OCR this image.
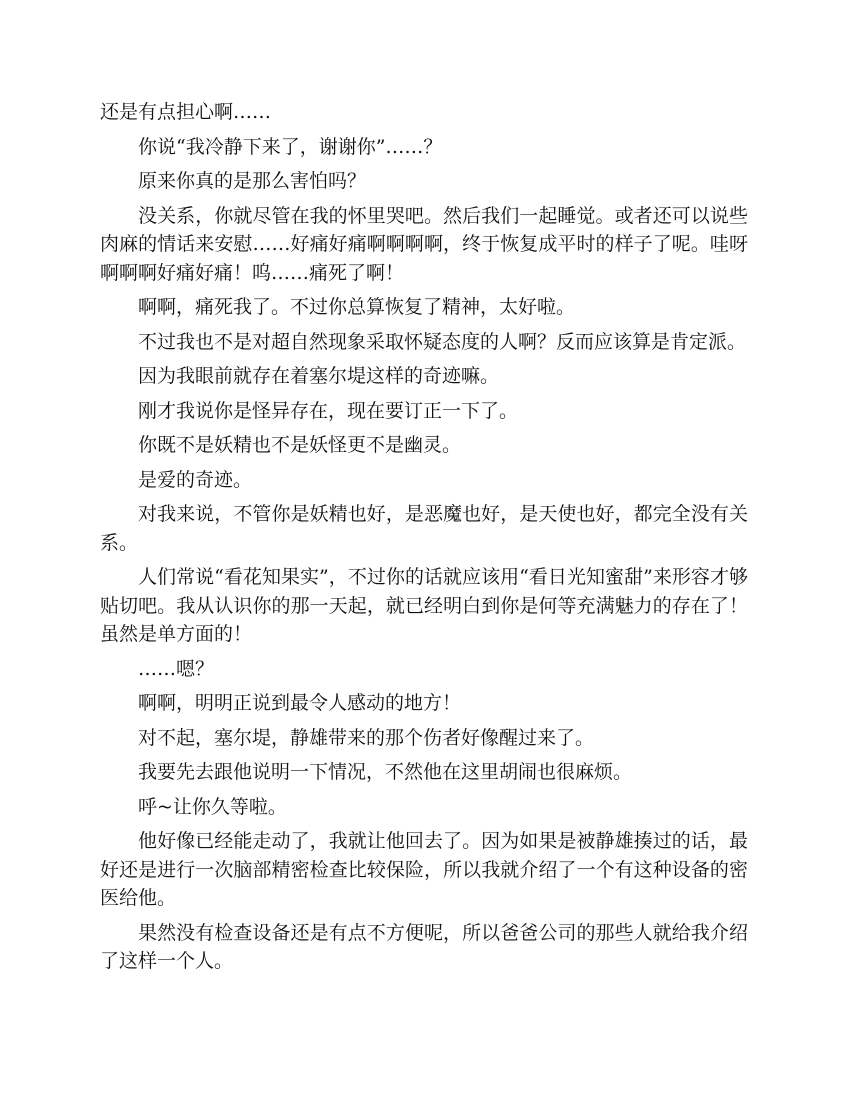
还是有点担心啊……

你说“我冷静下来了，谢谢你”……？

原来你真的是那么害怕吗？

没关系，你就尽管在我的怀里哭吧。然后我们一起睡觉。或者还可以说些肉麻的情话来安慰……好痛好痛啊啊啊啊，终于恢复成平时的样子了呢。哇呀啊啊啊好痛好痛！呜……痛死了啊！

啊啊，痛死我了。不过你总算恢复了精神，太好啦。

不过我也不是对超自然现象采取怀疑态度的人啊？反而应该算是肯定派。

因为我眼前就存在着塞尔堤这样的奇迹嘛。

刚才我说你是怪异存在，现在要订正一下了。

你既不是妖精也不是妖怪更不是幽灵。

是爱的奇迹。

对我来说，不管你是妖精也好，是恶魔也好，是天使也好，都完全没有关系。

人们常说“看花知果实”，不过你的话就应该用“看日光知蜜甜”来形容才够贴切吧。我从认识你的那一天起，就已经明白到你是何等充满魅力的存在了！虽然是单方面的！

……嗯？

啊啊，明明正说到最令人感动的地方！

对不起，塞尔堤，静雄带来的那个伤者好像醒过来了。

我要先去跟他说明一下情况，不然他在这里胡闹也很麻烦。

呼~让你久等啦。

他好像已经能走动了，我就让他回去了。因为如果是被静雄揍过的话，最好还是进行一次脑部精密检查比较保险，所以我就介绍了一个有这种设备的密医给他。

果然没有检查设备还是有点不方便呢，所以爸爸公司的那些人就给我介绍了这样一个人。
